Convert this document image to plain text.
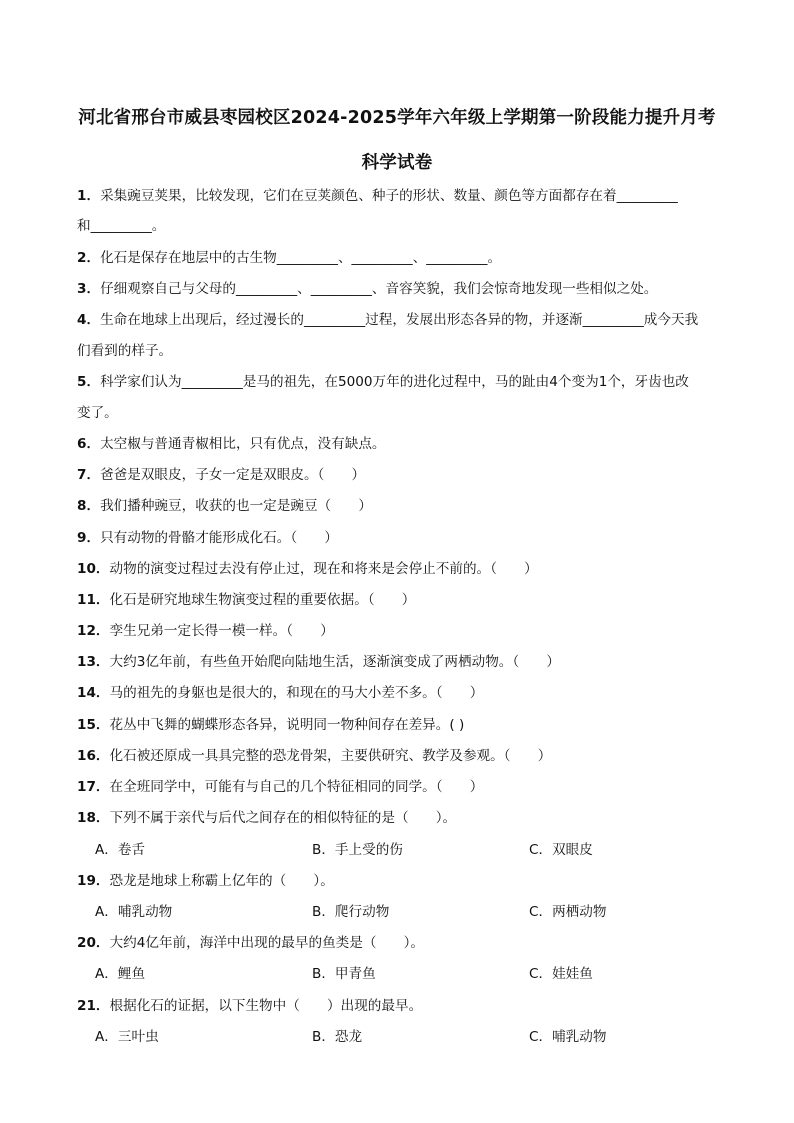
河北省邢台市威县枣园校区2024-2025学年六年级上学期第一阶段能力提升月考
科学试卷
1．采集豌豆荚果，比较发现，它们在豆荚颜色、种子的形状、数量、颜色等方面都存在着_________
和_________。
2．化石是保存在地层中的古生物_________、_________、_________。
3．仔细观察自己与父母的_________、_________、音容笑貌，我们会惊奇地发现一些相似之处。
4．生命在地球上出现后，经过漫长的_________过程，发展出形态各异的物，并逐渐_________成今天我
们看到的样子。
5．科学家们认为_________是马的祖先，在5000万年的进化过程中，马的趾由4个变为1个，牙齿也改
变了。
6．太空椒与普通青椒相比，只有优点，没有缺点。
7．爸爸是双眼皮，子女一定是双眼皮。（　　）
8．我们播种豌豆，收获的也一定是豌豆（　　）
9．只有动物的骨骼才能形成化石。（　　）
10．动物的演变过程过去没有停止过，现在和将来是会停止不前的。（　　）
11．化石是研究地球生物演变过程的重要依据。（　　）
12．孪生兄弟一定长得一模一样。（　　）
13．大约3亿年前，有些鱼开始爬向陆地生活，逐渐演变成了两栖动物。（　　）
14．马的祖先的身躯也是很大的，和现在的马大小差不多。（　　）
15．花丛中飞舞的蝴蝶形态各异，说明同一物种间存在差异。( )
16．化石被还原成一具具完整的恐龙骨架，主要供研究、教学及参观。（　　）
17．在全班同学中，可能有与自己的几个特征相同的同学。（　　）
18．下列不属于亲代与后代之间存在的相似特征的是（　　）。
A．卷舌	B．手上受的伤	C．双眼皮
19．恐龙是地球上称霸上亿年的（　　）。
A．哺乳动物	B．爬行动物	C．两栖动物
20．大约4亿年前，海洋中出现的最早的鱼类是（　　）。
A．鲤鱼	B．甲青鱼	C．娃娃鱼
21．根据化石的证据，以下生物中（　　）出现的最早。
A．三叶虫	B．恐龙	C．哺乳动物
